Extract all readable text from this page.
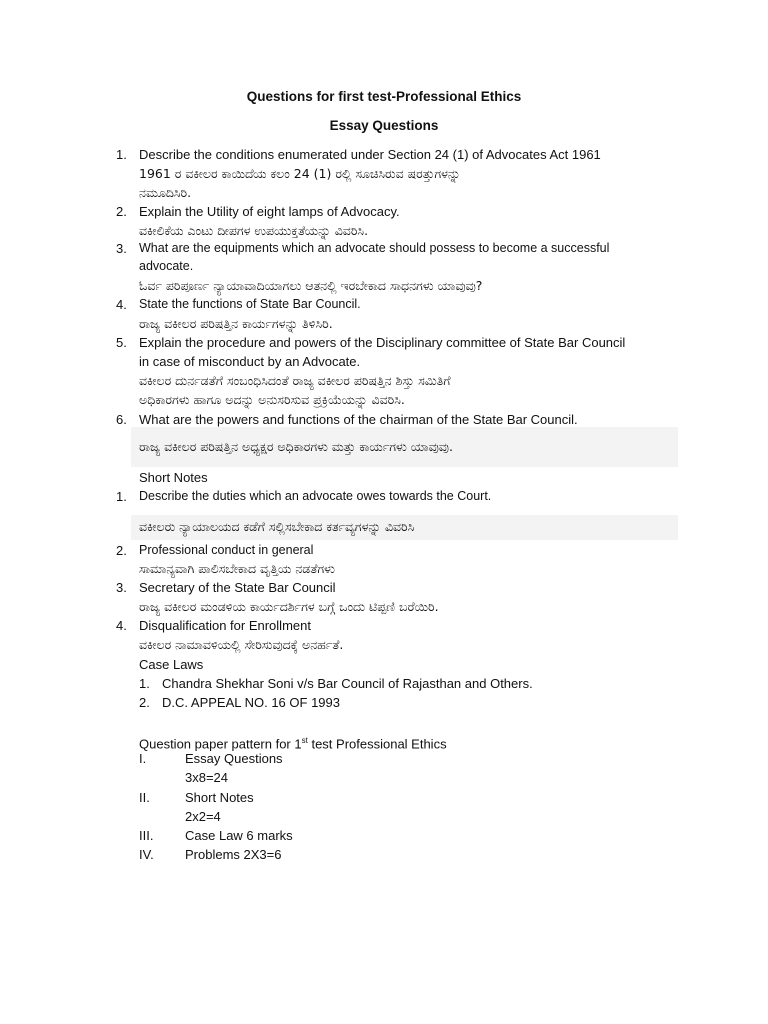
Questions for first test-Professional Ethics
Essay Questions
1. Describe the conditions enumerated under Section 24 (1) of Advocates Act 1961
1961 ರ ವಕೀಲರ ಕಾಯಿದೆಯ ಕಲಂ 24 (1) ರಲ್ಲಿ ಸೂಚಿಸಿರುವ ಷರತ್ತುಗಳನ್ನು
ನಮೂದಿಸಿರಿ.
2. Explain the Utility of eight lamps of Advocacy.
ವಕೀಲಿಕೆಯ ಎಂಟು ದೀಪಗಳ ಉಪಯುಕ್ತತೆಯನ್ನು ವಿವರಿಸಿ.
3. What are the equipments which an advocate should possess to become a successful
advocate.
ಓರ್ವ ಪರಿಪೂರ್ಣ ನ್ಯಾಯಾವಾದಿಯಾಗಲು ಆತನಲ್ಲಿ ಇರಬೇಕಾದ ಸಾಧನಗಳು ಯಾವುವು?
4. State the functions of State Bar Council.
ರಾಜ್ಯ ವಕೀಲರ ಪರಿಷತ್ತಿನ ಕಾರ್ಯಗಳನ್ನು ತಿಳಿಸಿರಿ.
5. Explain the procedure and powers of the Disciplinary committee of State Bar Council
in case of misconduct by an Advocate.
ವಕೀಲರ ದುರ್ನಡತೆಗೆ ಸಂಬಂಧಿಸಿದಂತೆ ರಾಜ್ಯ ವಕೀಲರ ಪರಿಷತ್ತಿನ ಶಿಸ್ತು ಸಮಿತಿಗೆ
ಅಧಿಕಾರಗಳು ಹಾಗೂ ಅದನ್ನು ಅನುಸರಿಸುವ ಪ್ರಕ್ರಿಯೆಯನ್ನು ವಿವರಿಸಿ.
6. What are the powers and functions of the chairman of the State Bar Council.
ರಾಜ್ಯ ವಕೀಲರ ಪರಿಷತ್ತಿನ ಅಧ್ಯಕ್ಷರ ಅಧಿಕಾರಗಳು ಮತ್ತು ಕಾರ್ಯಗಳು ಯಾವುವು.
Short Notes
1. Describe the duties which an advocate owes towards the Court.
ವಕೀಲರು ನ್ಯಾಯಾಲಯದ ಕಡೆಗೆ ಸಲ್ಲಿಸಬೇಕಾದ ಕರ್ತವ್ಯಗಳನ್ನು ವಿವರಿಸಿ
2. Professional conduct in general
ಸಾಮಾನ್ಯವಾಗಿ ಪಾಲಿಸಬೇಕಾದ ವೃತ್ತಿಯ ನಡತೆಗಳು
3. Secretary of the State Bar Council
ರಾಜ್ಯ ವಕೀಲರ ಮಂಡಳಿಯ ಕಾರ್ಯದರ್ಶಿಗಳ ಬಗ್ಗೆ ಒಂದು ಟಿಪ್ಪಣಿ ಬರೆಯಿರಿ.
4. Disqualification for Enrollment
ವಕೀಲರ ನಾಮಾವಳಿಯಲ್ಲಿ ಸೇರಿಸುವುದಕ್ಕೆ ಅನರ್ಹತೆ.
Case Laws
1. Chandra Shekhar Soni v/s Bar Council of Rajasthan and Others.
2. D.C. APPEAL NO. 16 OF 1993
Question paper pattern for 1st test Professional Ethics
I.	Essay Questions
3x8=24
II.	Short Notes
2x2=4
III. Case Law 6 marks
IV. Problems 2X3=6
